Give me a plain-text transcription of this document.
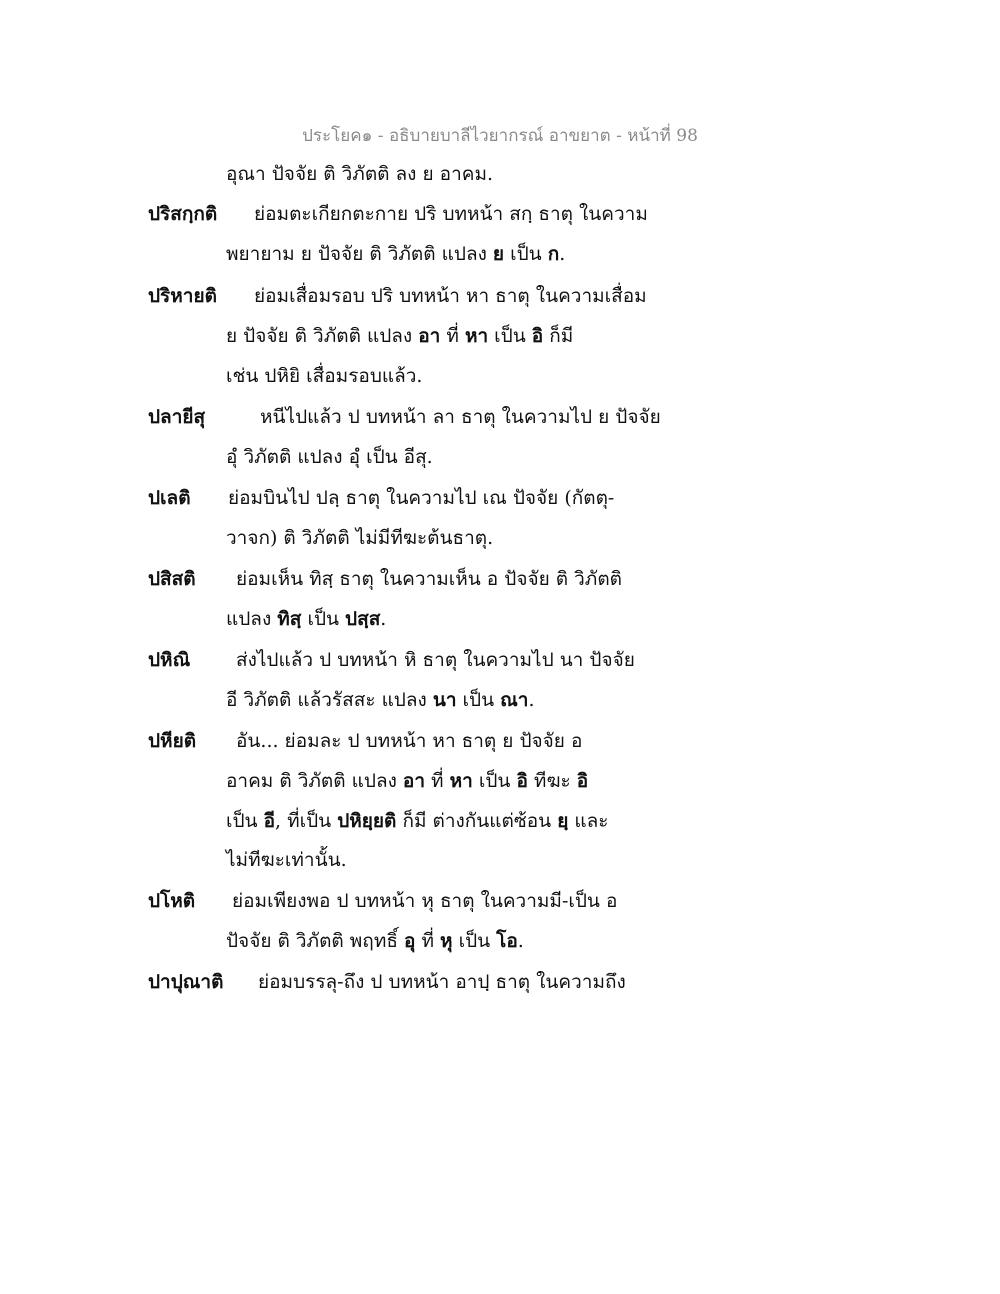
ประโยค๑ - อธิบายบาลีไวยากรณ์ อาขยาต - หน้าที่ 98
อุณา ปัจจัย ติ วิภัตติ ลง ย อาคม.
ปริสกฺกติ ย่อมตะเกียกตะกาย ปริ บทหน้า สกฺ ธาตุ ในความ
พยายาม ย ปัจจัย ติ วิภัตติ แปลง ย เป็น ก.
ปริหายติ ย่อมเสื่อมรอบ ปริ บทหน้า หา ธาตุ ในความเสื่อม
ย ปัจจัย ติ วิภัตติ แปลง อา ที่ หา เป็น อิ ก็มี
เช่น ปหิยิ เสื่อมรอบแล้ว.
ปลายีสุ	หนีไปแล้ว ป บทหน้า ลา ธาตุ ในความไป ย ปัจจัย
อุํ วิภัตติ แปลง อุํ เป็น อีสุ.
ปเลติ ย่อมบินไป ปลฺ ธาตุ ในความไป เณ ปัจจัย (กัตตุ-
วาจก) ติ วิภัตติ ไม่มีทีฆะต้นธาตุ.
ปสิสติ ย่อมเห็น ทิสฺ ธาตุ ในความเห็น อ ปัจจัย ติ วิภัตติ
แปลง ทิสฺ เป็น ปสฺส.
ปหิณิ ส่งไปแล้ว ป บทหน้า หิ ธาตุ ในความไป นา ปัจจัย
อี วิภัตติ แล้วรัสสะ แปลง นา เป็น ณา.
ปหียติ อัน... ย่อมละ ป บทหน้า หา ธาตุ ย ปัจจัย อ
อาคม ติ วิภัตติ แปลง อา ที่ หา เป็น อิ ทีฆะ อิ
เป็น อี, ที่เป็น ปหิยฺยติ ก็มี ต่างกันแต่ซ้อน ยฺ และ
ไม่ทีฆะเท่านั้น.
ปโหติ ย่อมเพียงพอ ป บทหน้า หุ ธาตุ ในความมี-เป็น อ
ปัจจัย ติ วิภัตติ พฤทธิ์ อุ ที่ หุ เป็น โอ.
ปาปุณาติ ย่อมบรรลุ-ถึง ป บทหน้า อาปฺ ธาตุ ในความถึง
